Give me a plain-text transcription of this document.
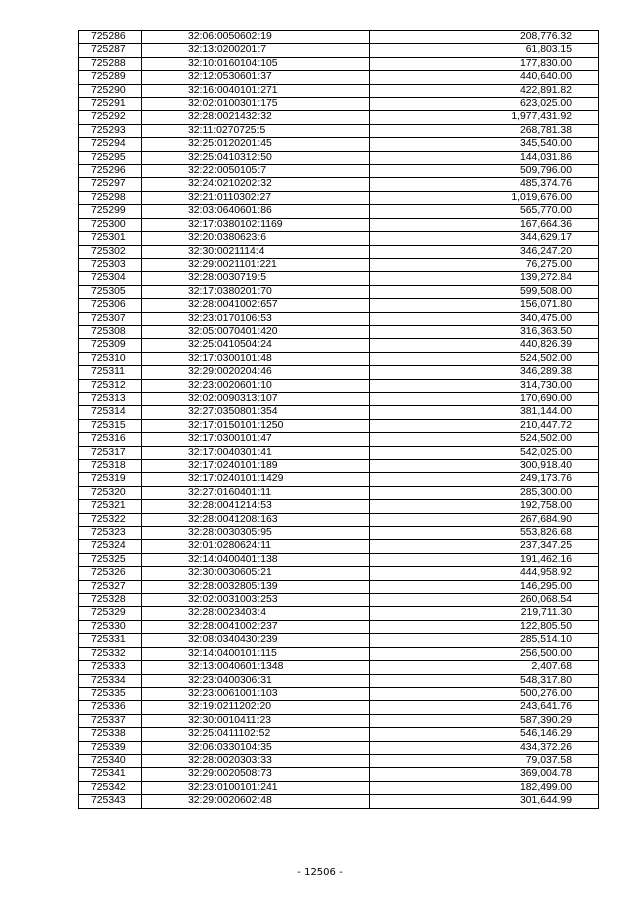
725286	32:06:0050602:19	208,776.32
725287	32:13:0200201:7	61,803.15
725288	32:10:0160104:105	177,830.00
725289	32:12:0530601:37	440,640.00
725290	32:16:0040101:271	422,891.82
725291	32:02:0100301:175	623,025.00
725292	32:28:0021432:32	1,977,431.92
725293	32:11:0270725:5	268,781.38
725294	32:25:0120201:45	345,540.00
725295	32:25:0410312:50	144,031.86
725296	32:22:0050105:7	509,796.00
725297	32:24:0210202:32	485,374.76
725298	32:21:0110302:27	1,019,676.00
725299	32:03:0640601:86	565,770.00
725300	32:17:0380102:1169	167,664.36
725301	32:20:0380623:6	344,629.17
725302	32:30:0021114:4	346,247.20
725303	32:29:0021101:221	76,275.00
725304	32:28:0030719:5	139,272.84
725305	32:17:0380201:70	599,508.00
725306	32:28:0041002:657	156,071.80
725307	32:23:0170106:53	340,475.00
725308	32:05:0070401:420	316,363.50
725309	32:25:0410504:24	440,826.39
725310	32:17:0300101:48	524,502.00
725311	32:29:0020204:46	346,289.38
725312	32:23:0020601:10	314,730.00
725313	32:02:0090313:107	170,690.00
725314	32:27:0350801:354	381,144.00
725315	32:17:0150101:1250	210,447.72
725316	32:17:0300101:47	524,502.00
725317	32:17:0040301:41	542,025.00
725318	32:17:0240101:189	300,918.40
725319	32:17:0240101:1429	249,173.76
725320	32:27:0160401:11	285,300.00
725321	32:28:0041214:53	192,758.00
725322	32:28:0041208:163	267,684.90
725323	32:28:0030305:95	553,826.68
725324	32:01:0280624:11	237,347.25
725325	32:14:0400401:138	191,462.16
725326	32:30:0030605:21	444,958.92
725327	32:28:0032805:139	146,295.00
725328	32:02:0031003:253	260,068.54
725329	32:28:0023403:4	219,711.30
725330	32:28:0041002:237	122,805.50
725331	32:08:0340430:239	285,514.10
725332	32:14:0400101:115	256,500.00
725333	32:13:0040601:1348	2,407.68
725334	32:23:0400306:31	548,317.80
725335	32:23:0061001:103	500,276.00
725336	32:19:0211202:20	243,641.76
725337	32:30:0010411:23	587,390.29
725338	32:25:0411102:52	546,146.29
725339	32:06:0330104:35	434,372.26
725340	32:28:0020303:33	79,037.58
725341	32:29:0020508:73	369,004.78
725342	32:23:0100101:241	182,499.00
725343	32:29:0020602:48	301,644.99
- 12506 -
